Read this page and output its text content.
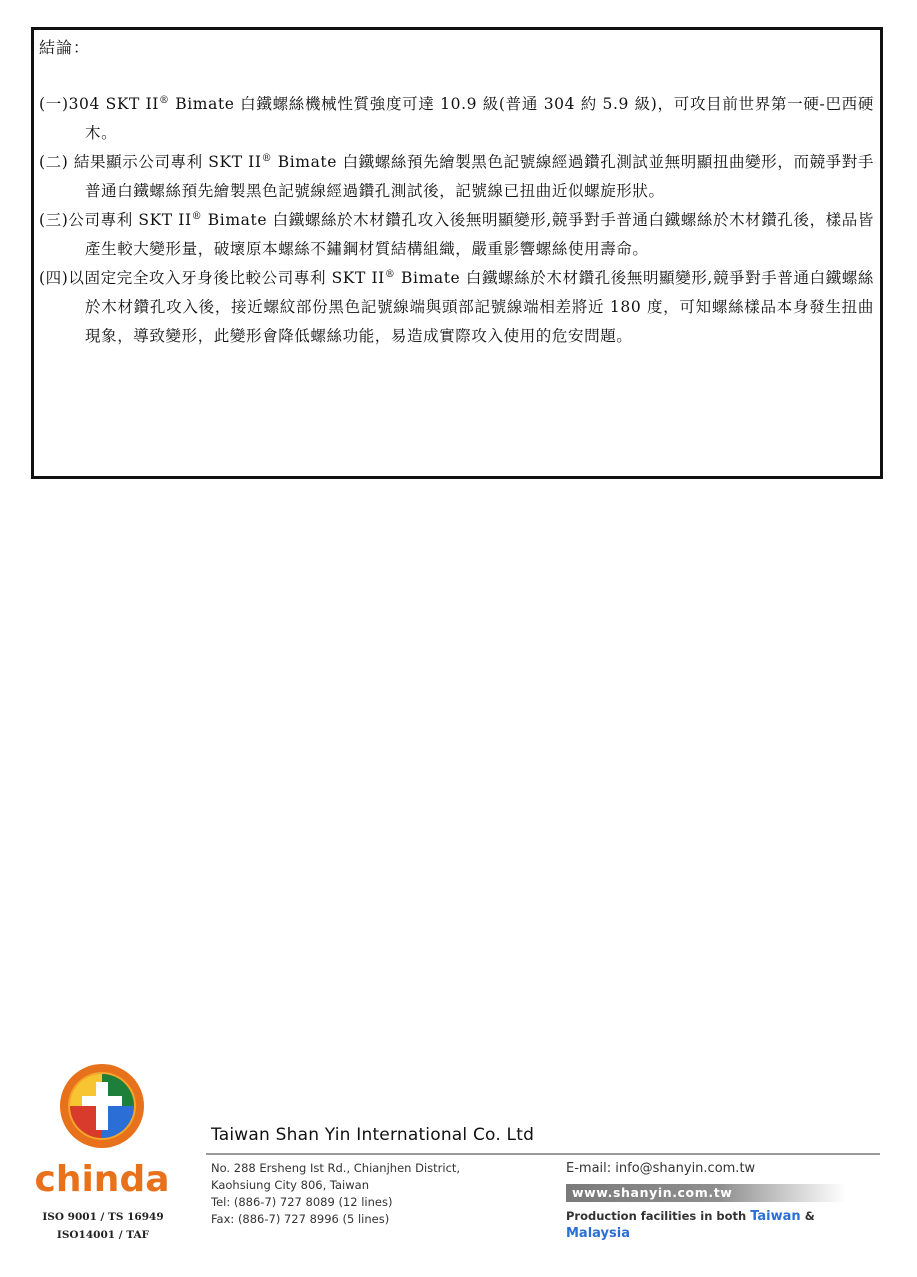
結論：

(一)304 SKT II® Bimate 白鐵螺絲機械性質強度可達 10.9 級(普通 304 約 5.9 級)，可攻目前世界第一硬-巴西硬木。

(二) 結果顯示公司專利 SKT II® Bimate 白鐵螺絲預先繪製黑色記號線經過鑽孔測試並無明顯扭曲變形，而競爭對手普通白鐵螺絲預先繪製黑色記號線經過鑽孔測試後，記號線已扭曲近似螺旋形狀。

(三)公司專利 SKT II® Bimate 白鐵螺絲於木材鑽孔攻入後無明顯變形,競爭對手普通白鐵螺絲於木材鑽孔後，樣品皆產生較大變形量，破壞原本螺絲不鏽鋼材質結構組織，嚴重影響螺絲使用壽命。

(四)以固定完全攻入牙身後比較公司專利 SKT II® Bimate 白鐵螺絲於木材鑽孔後無明顯變形,競爭對手普通白鐵螺絲於木材鑽孔攻入後，接近螺紋部份黑色記號線端與頭部記號線端相差將近 180 度，可知螺絲樣品本身發生扭曲現象，導致變形，此變形會降低螺絲功能，易造成實際攻入使用的危安問題。

chinda
ISO 9001 / TS 16949
ISO14001 / TAF
Taiwan Shan Yin International Co. Ltd
No. 288 Ersheng Ist Rd., Chianjhen District,
Kaohsiung City 806, Taiwan
Tel: (886-7) 727 8089 (12 lines)
Fax: (886-7) 727 8996 (5 lines)
E-mail: info@shanyin.com.tw
www.shanyin.com.tw
Production facilities in both Taiwan & Malaysia
